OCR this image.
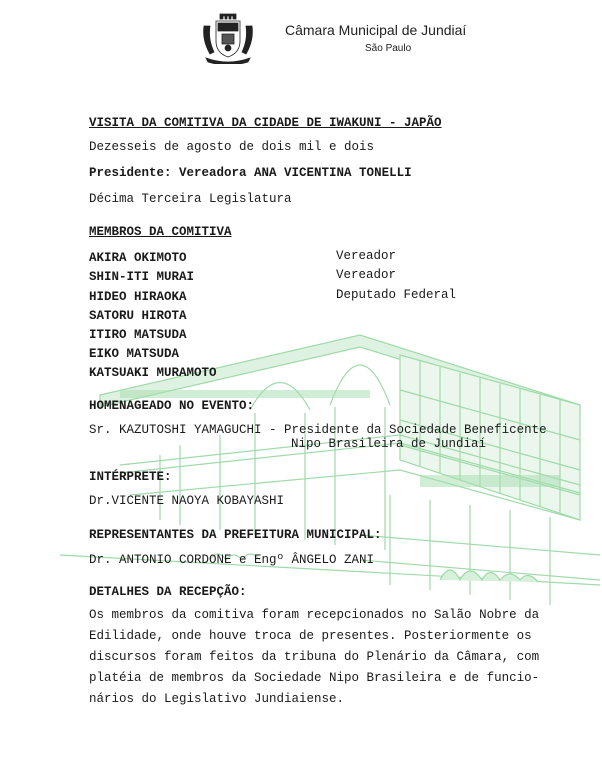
Câmara Municipal de Jundiaí
São Paulo
VISITA DA COMITIVA DA CIDADE DE IWAKUNI - JAPÃO
Dezesseis de agosto de dois mil e dois
Presidente: Vereadora ANA VICENTINA TONELLI
Décima Terceira Legislatura
MEMBROS DA COMITIVA
AKIRA OKIMOTO	Vereador
SHIN-ITI MURAI	Vereador
HIDEO HIRAOKA	Deputado Federal
SATORU HIROTA
ITIRO MATSUDA
EIKO MATSUDA
KATSUAKI MURAMOTO
HOMENAGEADO NO EVENTO:
Sr. KAZUTOSHI YAMAGUCHI - Presidente da Sociedade Beneficente
Nipo Brasileira de Jundiaí
INTÉRPRETE:
Dr.VICENTE NAOYA KOBAYASHI
REPRESENTANTES DA PREFEITURA MUNICIPAL:
Dr. ANTONIO CORDONE e Engº ÂNGELO ZANI
DETALHES DA RECEPÇÃO:
Os membros da comitiva foram recepcionados no Salão Nobre da
Edilidade, onde houve troca de presentes. Posteriormente os
discursos foram feitos da tribuna do Plenário da Câmara, com
platéia de membros da Sociedade Nipo Brasileira e de funcio-
nários do Legislativo Jundiaiense.
